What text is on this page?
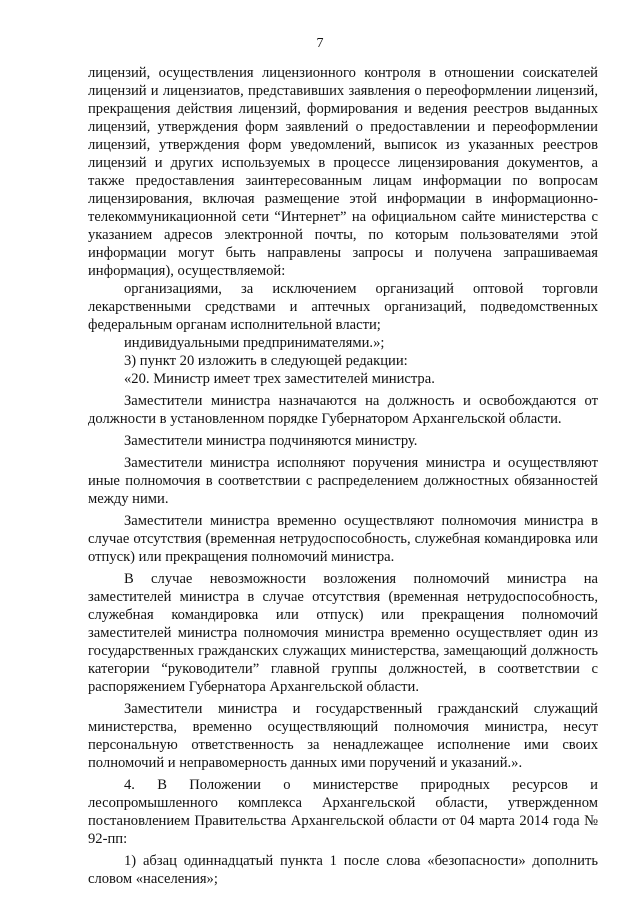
7

лицензий, осуществления лицензионного контроля в отношении соискателей лицензий и лицензиатов, представивших заявления о переоформлении лицензий, прекращения действия лицензий, формирования и ведения реестров выданных лицензий, утверждения форм заявлений о предоставлении и переоформлении лицензий, утверждения форм уведомлений, выписок из указанных реестров лицензий и других используемых в процессе лицензирования документов, а также предоставления заинтересованным лицам информации по вопросам лицензирования, включая размещение этой информации в информационно-телекоммуникационной сети “Интернет” на официальном сайте министерства с указанием адресов электронной почты, по которым пользователями этой информации могут быть направлены запросы и получена запрашиваемая информация), осуществляемой:

организациями, за исключением организаций оптовой торговли лекарственными средствами и аптечных организаций, подведомственных федеральным органам исполнительной власти;

индивидуальными предпринимателями.»;

3) пункт 20 изложить в следующей редакции:

«20. Министр имеет трех заместителей министра.

Заместители министра назначаются на должность и освобождаются от должности в установленном порядке Губернатором Архангельской области.

Заместители министра подчиняются министру.

Заместители министра исполняют поручения министра и осуществляют иные полномочия в соответствии с распределением должностных обязанностей между ними.

Заместители министра временно осуществляют полномочия министра в случае отсутствия (временная нетрудоспособность, служебная командировка или отпуск) или прекращения полномочий министра.

В случае невозможности возложения полномочий министра на заместителей министра в случае отсутствия (временная нетрудоспособность, служебная командировка или отпуск) или прекращения полномочий заместителей министра полномочия министра временно осуществляет один из государственных гражданских служащих министерства, замещающий должность категории “руководители” главной группы должностей, в соответствии с распоряжением Губернатора Архангельской области.

Заместители министра и государственный гражданский служащий министерства, временно осуществляющий полномочия министра, несут персональную ответственность за ненадлежащее исполнение ими своих полномочий и неправомерность данных ими поручений и указаний.».

4. В Положении о министерстве природных ресурсов и лесопромышленного комплекса Архангельской области, утвержденном постановлением Правительства Архангельской области от 04 марта 2014 года № 92-пп:

1) абзац одиннадцатый пункта 1 после слова «безопасности» дополнить словом «населения»;
